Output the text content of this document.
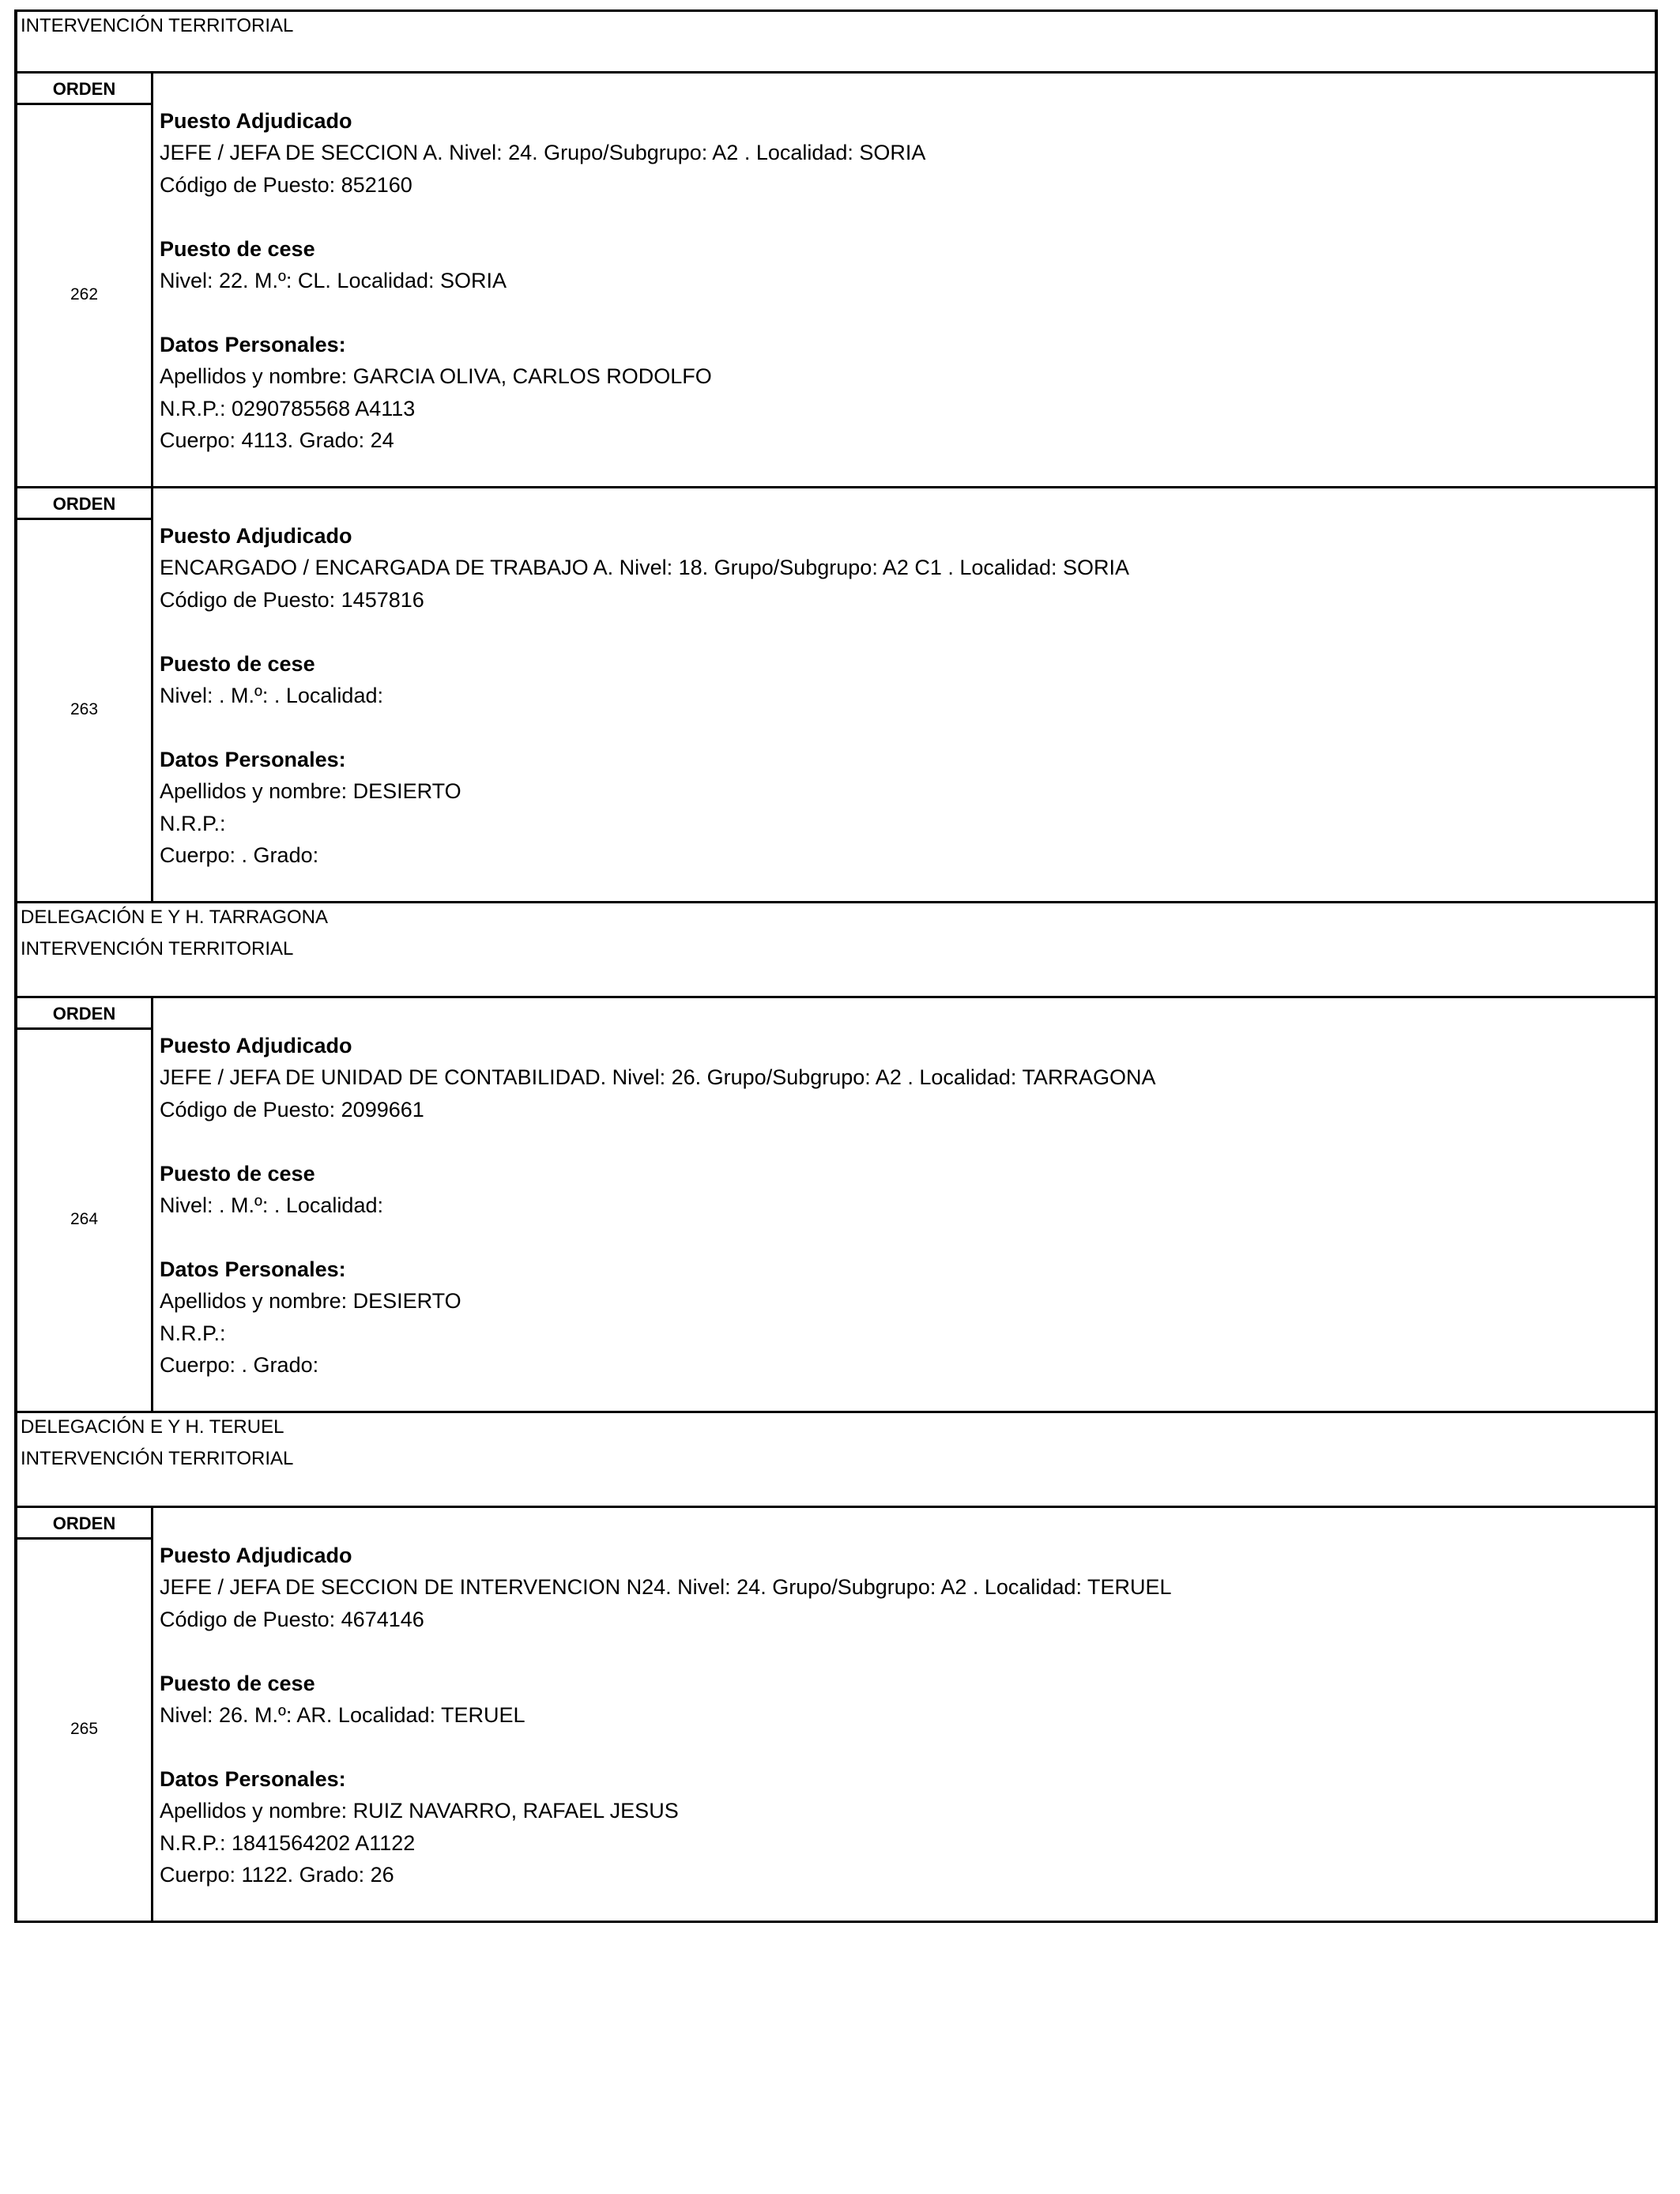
INTERVENCIÓN TERRITORIAL
ORDEN
262
Puesto Adjudicado
JEFE / JEFA DE SECCION A. Nivel: 24. Grupo/Subgrupo: A2 . Localidad: SORIA
Código de Puesto: 852160
Puesto de cese
Nivel: 22. M.º: CL. Localidad: SORIA
Datos Personales:
Apellidos y nombre: GARCIA OLIVA, CARLOS RODOLFO
N.R.P.: 0290785568 A4113
Cuerpo: 4113. Grado: 24
ORDEN
263
Puesto Adjudicado
ENCARGADO / ENCARGADA DE TRABAJO A. Nivel: 18. Grupo/Subgrupo: A2 C1 . Localidad: SORIA
Código de Puesto: 1457816
Puesto de cese
Nivel: . M.º: . Localidad:
Datos Personales:
Apellidos y nombre: DESIERTO
N.R.P.:
Cuerpo: . Grado:
DELEGACIÓN E Y H. TARRAGONA
INTERVENCIÓN TERRITORIAL
ORDEN
264
Puesto Adjudicado
JEFE / JEFA DE UNIDAD DE CONTABILIDAD. Nivel: 26. Grupo/Subgrupo: A2 . Localidad: TARRAGONA
Código de Puesto: 2099661
Puesto de cese
Nivel: . M.º: . Localidad:
Datos Personales:
Apellidos y nombre: DESIERTO
N.R.P.:
Cuerpo: . Grado:
DELEGACIÓN E Y H. TERUEL
INTERVENCIÓN TERRITORIAL
ORDEN
265
Puesto Adjudicado
JEFE / JEFA DE SECCION DE INTERVENCION N24. Nivel: 24. Grupo/Subgrupo: A2 . Localidad: TERUEL
Código de Puesto: 4674146
Puesto de cese
Nivel: 26. M.º: AR. Localidad: TERUEL
Datos Personales:
Apellidos y nombre: RUIZ NAVARRO, RAFAEL JESUS
N.R.P.: 1841564202 A1122
Cuerpo: 1122. Grado: 26
